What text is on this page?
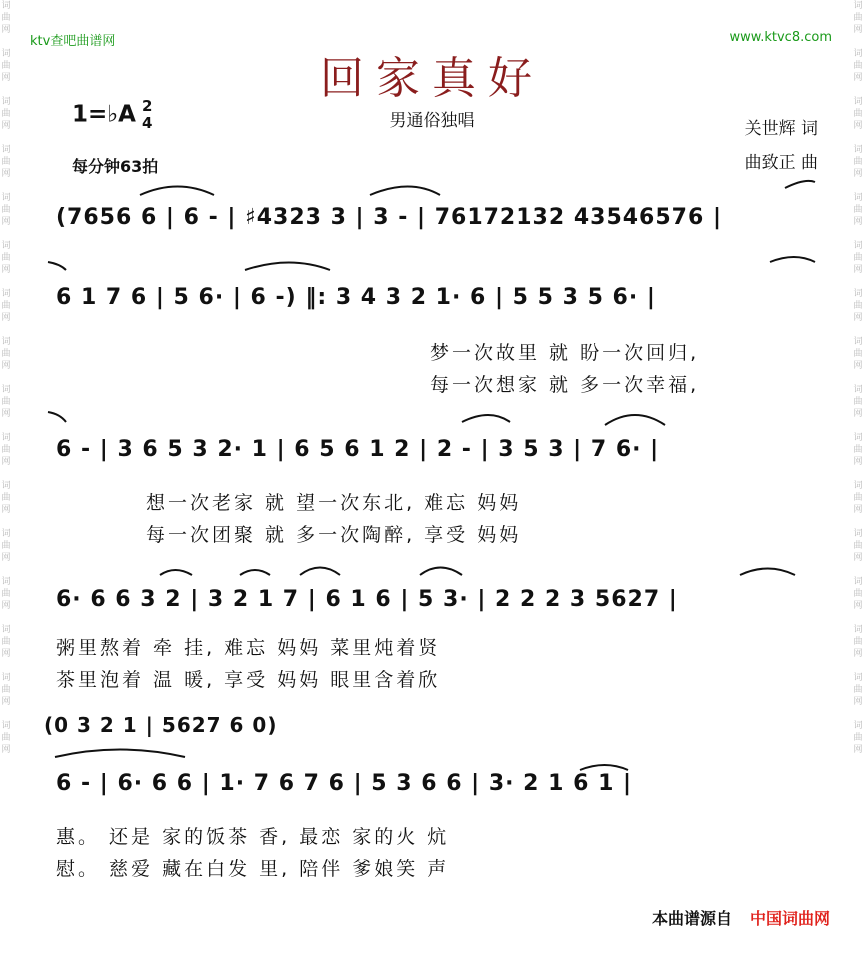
词曲网

词曲网

词曲网

词曲网

词曲网

词曲网

词曲网

词曲网

词曲网

词曲网

词曲网

词曲网

词曲网

词曲网

词曲网

词曲网
词曲网

词曲网

词曲网

词曲网

词曲网

词曲网

词曲网

词曲网

词曲网

词曲网

词曲网

词曲网

词曲网

词曲网

词曲网

词曲网
ktv查吧曲谱网	www.ktvc8.com
回家真好
男通俗独唱
1=♭A 2
4
每分钟63拍
关世辉 词
曲致正 曲
(7656 6 | 6 - | ♯4323 3 | 3 - | 76172132 43546576 |
6 1 7 6 | 5 6· | 6 -) ‖: 3 4 3 2 1· 6 | 5 5 3 5 6· |
梦一次故里 就 盼一次回归,
每一次想家 就 多一次幸福,
6 - | 3 6 5 3 2· 1 | 6 5 6 1 2 | 2 - | 3 5 3 | 7 6· |
想一次老家 就 望一次东北, 难忘 妈妈
每一次团聚 就 多一次陶醉, 享受 妈妈
6· 6 6 3 2 | 3 2 1 7 | 6 1 6 | 5 3· | 2 2 2 3 5627 |
粥里熬着 牵 挂, 难忘 妈妈 菜里炖着贤
茶里泡着 温 暖, 享受 妈妈 眼里含着欣
(0 3 2 1 | 5627 6 0)
6 - | 6· 6 6 | 1· 7 6 7 6 | 5 3 6 6 | 3· 2 1 6 1 |
惠。 还是 家的饭茶 香, 最恋 家的火 炕
慰。 慈爱 藏在白发 里, 陪伴 爹娘笑 声
本曲谱源自 中国词曲网
